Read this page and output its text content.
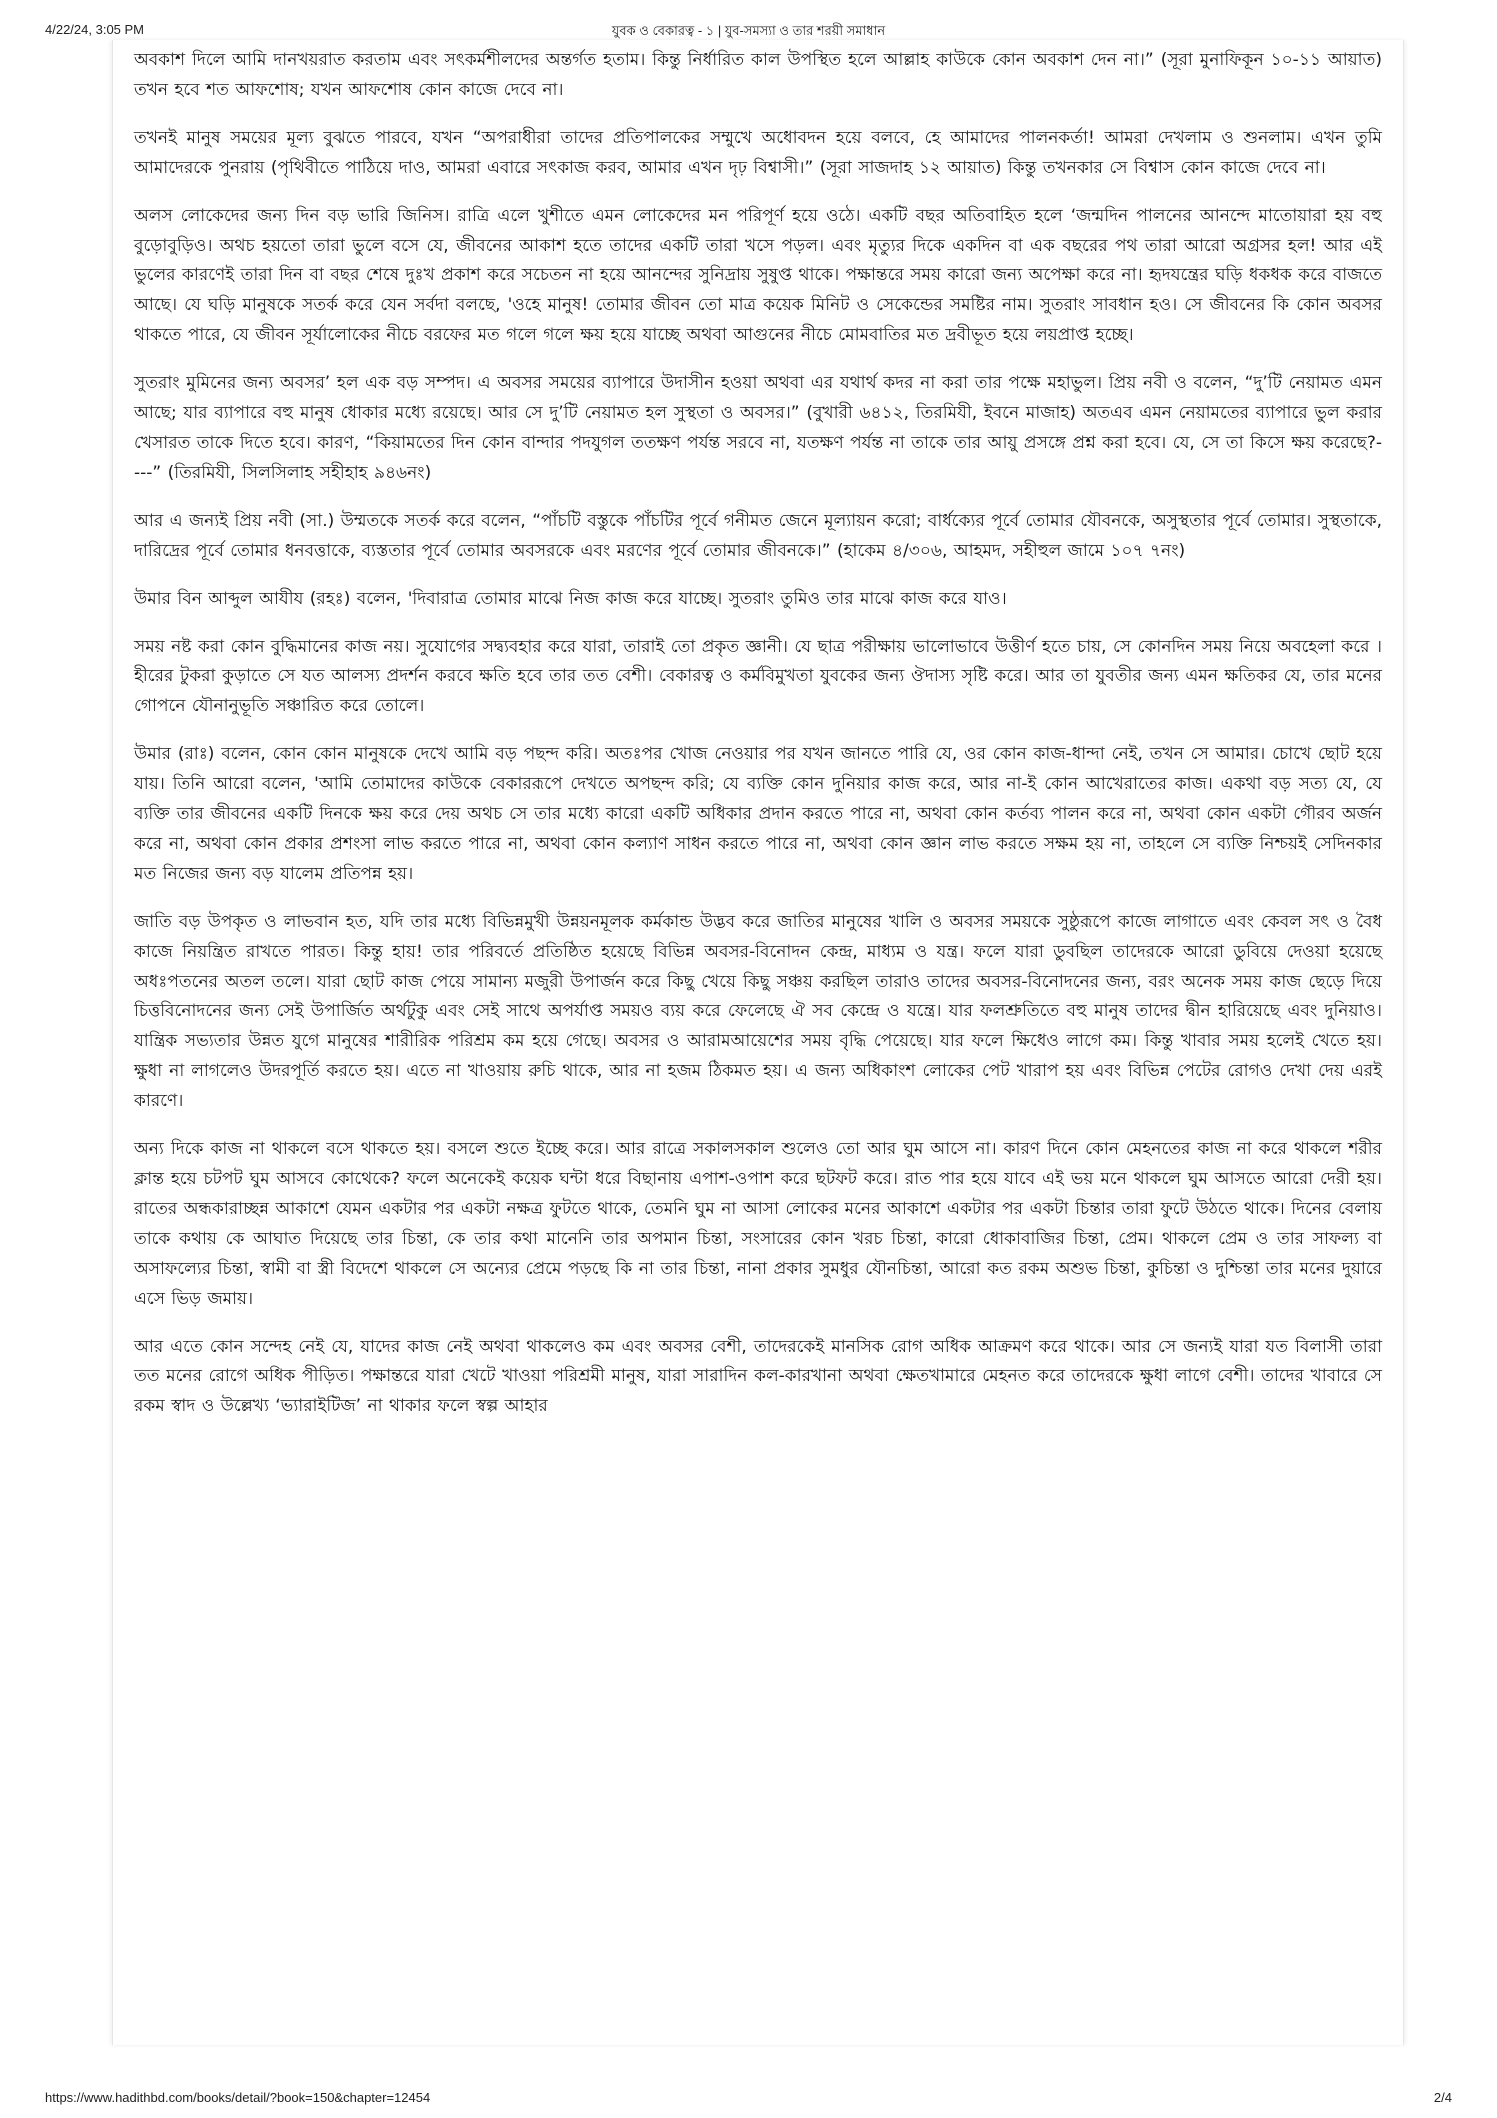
4/22/24, 3:05 PM	যুবক ও বেকারত্ব - ১ | যুব-সমস্যা ও তার শরয়ী সমাধান

অবকাশ দিলে আমি দানখয়রাত করতাম এবং সৎকর্মশীলদের অন্তর্গত হতাম। কিন্তু নির্ধারিত কাল উপস্থিত হলে আল্লাহ কাউকে কোন অবকাশ দেন না।” (সূরা মুনাফিকূন ১০-১১ আয়াত) তখন হবে শত আফশোষ; যখন আফশোষ কোন কাজে দেবে না।

তখনই মানুষ সময়ের মূল্য বুঝতে পারবে, যখন “অপরাধীরা তাদের প্রতিপালকের সম্মুখে অধোবদন হয়ে বলবে, হে আমাদের পালনকর্তা! আমরা দেখলাম ও শুনলাম। এখন তুমি আমাদেরকে পুনরায় (পৃথিবীতে পাঠিয়ে দাও, আমরা এবারে সৎকাজ করব, আমার এখন দৃঢ় বিশ্বাসী।” (সূরা সাজদাহ ১২ আয়াত) কিন্তু তখনকার সে বিশ্বাস কোন কাজে দেবে না।

অলস লোকেদের জন্য দিন বড় ভারি জিনিস। রাত্রি এলে খুশীতে এমন লোকেদের মন পরিপূর্ণ হয়ে ওঠে। একটি বছর অতিবাহিত হলে ‘জন্মদিন পালনের আনন্দে মাতোয়ারা হয় বহু বুড়োবুড়িও। অথচ হয়তো তারা ভুলে বসে যে, জীবনের আকাশ হতে তাদের একটি তারা খসে পড়ল। এবং মৃত্যুর দিকে একদিন বা এক বছরের পথ তারা আরো অগ্রসর হল! আর এই ভুলের কারণেই তারা দিন বা বছর শেষে দুঃখ প্রকাশ করে সচেতন না হয়ে আনন্দের সুনিদ্রায় সুষুপ্ত থাকে। পক্ষান্তরে সময় কারো জন্য অপেক্ষা করে না। হৃদযন্ত্রের ঘড়ি ধকধক করে বাজতে আছে। যে ঘড়ি মানুষকে সতর্ক করে যেন সর্বদা বলছে, 'ওহে মানুষ! তোমার জীবন তো মাত্র কয়েক মিনিট ও সেকেন্ডের সমষ্টির নাম। সুতরাং সাবধান হও। সে জীবনের কি কোন অবসর থাকতে পারে, যে জীবন সূর্যালোকের নীচে বরফের মত গলে গলে ক্ষয় হয়ে যাচ্ছে অথবা আগুনের নীচে মোমবাতির মত দ্রবীভূত হয়ে লয়প্রাপ্ত হচ্ছে।

সুতরাং মুমিনের জন্য অবসর’ হল এক বড় সম্পদ। এ অবসর সময়ের ব্যাপারে উদাসীন হওয়া অথবা এর যথার্থ কদর না করা তার পক্ষে মহাভুল। প্রিয় নবী ও বলেন, “দু’টি নেয়ামত এমন আছে; যার ব্যাপারে বহু মানুষ ধোকার মধ্যে রয়েছে। আর সে দু’টি নেয়ামত হল সুস্থতা ও অবসর।” (বুখারী ৬৪১২, তিরমিযী, ইবনে মাজাহ) অতএব এমন নেয়ামতের ব্যাপারে ভুল করার খেসারত তাকে দিতে হবে। কারণ, “কিয়ামতের দিন কোন বান্দার পদযুগল ততক্ষণ পর্যন্ত সরবে না, যতক্ষণ পর্যন্ত না তাকে তার আয়ু প্রসঙ্গে প্রশ্ন করা হবে। যে, সে তা কিসে ক্ষয় করেছে?----” (তিরমিযী, সিলসিলাহ সহীহাহ ৯৪৬নং)

আর এ জন্যই প্রিয় নবী (সা.) উম্মতকে সতর্ক করে বলেন, “পাঁচটি বস্তুকে পাঁচটির পূর্বে গনীমত জেনে মূল্যায়ন করো; বার্ধক্যের পূর্বে তোমার যৌবনকে, অসুস্থতার পূর্বে তোমার। সুস্থতাকে, দারিদ্রের পূর্বে তোমার ধনবত্তাকে, ব্যস্ততার পূর্বে তোমার অবসরকে এবং মরণের পূর্বে তোমার জীবনকে।” (হাকেম ৪/৩০৬, আহমদ, সহীহুল জামে ১০৭ ৭নং)

উমার বিন আব্দুল আযীয (রহঃ) বলেন, 'দিবারাত্র তোমার মাঝে নিজ কাজ করে যাচ্ছে। সুতরাং তুমিও তার মাঝে কাজ করে যাও।

সময় নষ্ট করা কোন বুদ্ধিমানের কাজ নয়। সুযোগের সদ্ব্যবহার করে যারা, তারাই তো প্রকৃত জ্ঞানী। যে ছাত্র পরীক্ষায় ভালোভাবে উত্তীর্ণ হতে চায়, সে কোনদিন সময় নিয়ে অবহেলা করে । হীরের টুকরা কুড়াতে সে যত আলস্য প্রদর্শন করবে ক্ষতি হবে তার তত বেশী। বেকারত্ব ও কর্মবিমুখতা যুবকের জন্য ঔদাস্য সৃষ্টি করে। আর তা যুবতীর জন্য এমন ক্ষতিকর যে, তার মনের গোপনে যৌনানুভূতি সঞ্চারিত করে তোলে।

উমার (রাঃ) বলেন, কোন কোন মানুষকে দেখে আমি বড় পছন্দ করি। অতঃপর খোজ নেওয়ার পর যখন জানতে পারি যে, ওর কোন কাজ-ধান্দা নেই, তখন সে আমার। চোখে ছোট হয়ে যায়। তিনি আরো বলেন, 'আমি তোমাদের কাউকে বেকাররূপে দেখতে অপছন্দ করি; যে ব্যক্তি কোন দুনিয়ার কাজ করে, আর না-ই কোন আখেরাতের কাজ। একথা বড় সত্য যে, যে ব্যক্তি তার জীবনের একটি দিনকে ক্ষয় করে দেয় অথচ সে তার মধ্যে কারো একটি অধিকার প্রদান করতে পারে না, অথবা কোন কর্তব্য পালন করে না, অথবা কোন একটা গৌরব অর্জন করে না, অথবা কোন প্রকার প্রশংসা লাভ করতে পারে না, অথবা কোন কল্যাণ সাধন করতে পারে না, অথবা কোন জ্ঞান লাভ করতে সক্ষম হয় না, তাহলে সে ব্যক্তি নিশ্চয়ই সেদিনকার মত নিজের জন্য বড় যালেম প্রতিপন্ন হয়।

জাতি বড় উপকৃত ও লাভবান হত, যদি তার মধ্যে বিভিন্নমুখী উন্নয়নমূলক কর্মকান্ড উদ্ভব করে জাতির মানুষের খালি ও অবসর সময়কে সুষ্ঠুরূপে কাজে লাগাতে এবং কেবল সৎ ও বৈধ কাজে নিয়ন্ত্রিত রাখতে পারত। কিন্তু হায়! তার পরিবর্তে প্রতিষ্ঠিত হয়েছে বিভিন্ন অবসর-বিনোদন কেন্দ্র, মাধ্যম ও যন্ত্র। ফলে যারা ডুবছিল তাদেরকে আরো ডুবিয়ে দেওয়া হয়েছে অধঃপতনের অতল তলে। যারা ছোট কাজ পেয়ে সামান্য মজুরী উপার্জন করে কিছু খেয়ে কিছু সঞ্চয় করছিল তারাও তাদের অবসর-বিনোদনের জন্য, বরং অনেক সময় কাজ ছেড়ে দিয়ে চিত্তবিনোদনের জন্য সেই উপার্জিত অর্থটুকু এবং সেই সাথে অপর্যাপ্ত সময়ও ব্যয় করে ফেলেছে ঐ সব কেন্দ্রে ও যন্ত্রে। যার ফলশ্রুতিতে বহু মানুষ তাদের দ্বীন হারিয়েছে এবং দুনিয়াও। যান্ত্রিক সভ্যতার উন্নত যুগে মানুষের শারীরিক পরিশ্রম কম হয়ে গেছে। অবসর ও আরামআয়েশের সময় বৃদ্ধি পেয়েছে। যার ফলে ক্ষিধেও লাগে কম। কিন্তু খাবার সময় হলেই খেতে হয়। ক্ষুধা না লাগলেও উদরপূর্তি করতে হয়। এতে না খাওয়ায় রুচি থাকে, আর না হজম ঠিকমত হয়। এ জন্য অধিকাংশ লোকের পেট খারাপ হয় এবং বিভিন্ন পেটের রোগও দেখা দেয় এরই কারণে।

অন্য দিকে কাজ না থাকলে বসে থাকতে হয়। বসলে শুতে ইচ্ছে করে। আর রাত্রে সকালসকাল শুলেও তো আর ঘুম আসে না। কারণ দিনে কোন মেহনতের কাজ না করে থাকলে শরীর ক্লান্ত হয়ে চটপট ঘুম আসবে কোথেকে? ফলে অনেকেই কয়েক ঘন্টা ধরে বিছানায় এপাশ-ওপাশ করে ছটফট করে। রাত পার হয়ে যাবে এই ভয় মনে থাকলে ঘুম আসতে আরো দেরী হয়। রাতের অন্ধকারাচ্ছন্ন আকাশে যেমন একটার পর একটা নক্ষত্র ফুটতে থাকে, তেমনি ঘুম না আসা লোকের মনের আকাশে একটার পর একটা চিন্তার তারা ফুটে উঠতে থাকে। দিনের বেলায় তাকে কথায় কে আঘাত দিয়েছে তার চিন্তা, কে তার কথা মানেনি তার অপমান চিন্তা, সংসারের কোন খরচ চিন্তা, কারো ধোকাবাজির চিন্তা, প্রেম। থাকলে প্রেম ও তার সাফল্য বা অসাফল্যের চিন্তা, স্বামী বা স্ত্রী বিদেশে থাকলে সে অন্যের প্রেমে পড়ছে কি না তার চিন্তা, নানা প্রকার সুমধুর যৌনচিন্তা, আরো কত রকম অশুভ চিন্তা, কুচিন্তা ও দুশ্চিন্তা তার মনের দুয়ারে এসে ভিড় জমায়।

আর এতে কোন সন্দেহ নেই যে, যাদের কাজ নেই অথবা থাকলেও কম এবং অবসর বেশী, তাদেরকেই মানসিক রোগ অধিক আক্রমণ করে থাকে। আর সে জন্যই যারা যত বিলাসী তারা তত মনের রোগে অধিক পীড়িত। পক্ষান্তরে যারা খেটে খাওয়া পরিশ্রমী মানুষ, যারা সারাদিন কল-কারখানা অথবা ক্ষেতখামারে মেহনত করে তাদেরকে ক্ষুধা লাগে বেশী। তাদের খাবারে সে রকম স্বাদ ও উল্লেখ্য ‘ভ্যারাইটিজ’ না থাকার ফলে স্বল্প আহার

https://www.hadithbd.com/books/detail/?book=150&chapter=12454	2/4
